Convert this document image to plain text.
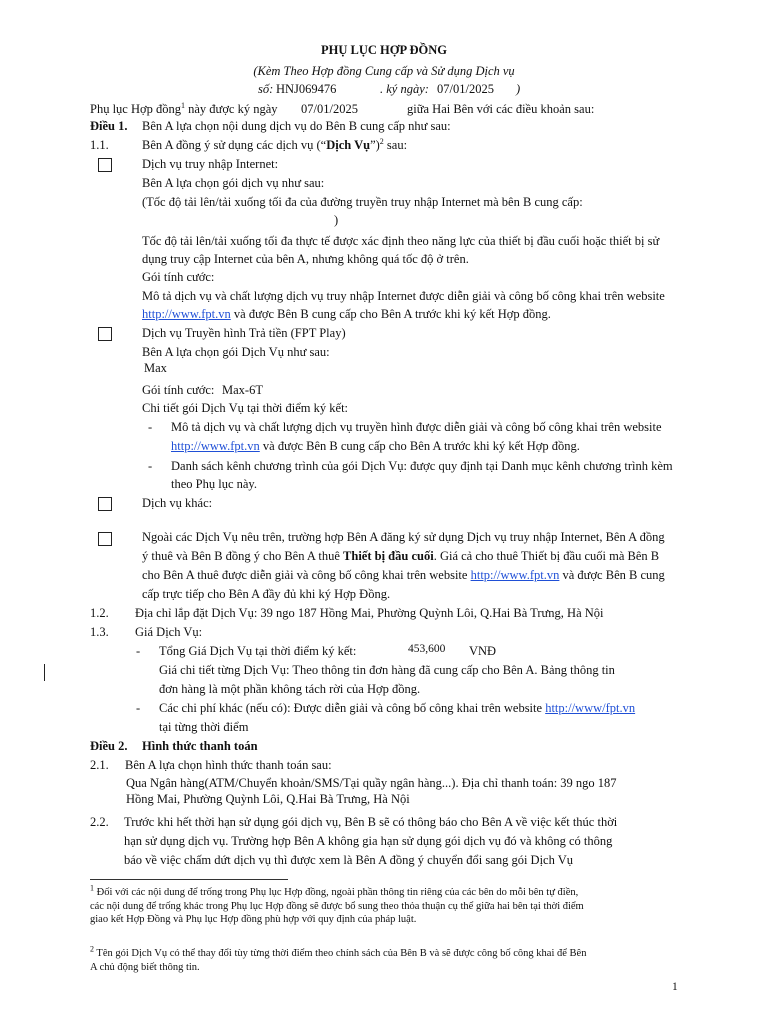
PHỤ LỤC HỢP ĐỒNG
(Kèm Theo Hợp đồng Cung cấp và Sử dụng Dịch vụ
số: HNJ069476	. ký ngày: 07/01/2025 )
Phụ lục Hợp đồng$^1$ này được ký ngày 07/01/2025	giữa Hai Bên với các điều khoản sau:
Điều 1. Bên A lựa chọn nội dung dịch vụ do Bên B cung cấp như sau:
1.1.	Bên A đồng ý sử dụng các dịch vụ (“Dịch Vụ”)$^2$ sau:
Dịch vụ truy nhập Internet:
Bên A lựa chọn gói dịch vụ như sau:
(Tốc độ tải lên/tải xuống tối đa của đường truyền truy nhập Internet mà bên B cung cấp:
)
Tốc độ tải lên/tải xuống tối đa thực tế được xác định theo năng lực của thiết bị đầu cuối hoặc thiết bị sử
dụng truy cập Internet của bên A, nhưng không quá tốc độ ở trên.
Gói tính cước:
Mô tả dịch vụ và chất lượng dịch vụ truy nhập Internet được diễn giải và công bố công khai trên website
http://www.fpt.vn và được Bên B cung cấp cho Bên A trước khi ký kết Hợp đồng.
Dịch vụ Truyền hình Trả tiền (FPT Play)
Bên A lựa chọn gói Dịch Vụ như sau:
Max
Gói tính cước: Max-6T
Chi tiết gói Dịch Vụ tại thời điểm ký kết:
- Mô tả dịch vụ và chất lượng dịch vụ truyền hình được diễn giải và công bố công khai trên website
http://www.fpt.vn và được Bên B cung cấp cho Bên A trước khi ký kết Hợp đồng.
- Danh sách kênh chương trình của gói Dịch Vụ: được quy định tại Danh mục kênh chương trình kèm
theo Phụ lục này.
Dịch vụ khác:
Ngoài các Dịch Vụ nêu trên, trường hợp Bên A đăng ký sử dụng Dịch vụ truy nhập Internet, Bên A đồng
ý thuê và Bên B đồng ý cho Bên A thuê Thiết bị đầu cuối. Giá cả cho thuê Thiết bị đầu cuối mà Bên B
cho Bên A thuê được diễn giải và công bố công khai trên website http://www.fpt.vn và được Bên B cung
cấp trực tiếp cho Bên A đầy đủ khi ký Hợp Đồng.
1.2. Địa chỉ lắp đặt Dịch Vụ: 39 ngo 187 Hồng Mai, Phường Quỳnh Lôi, Q.Hai Bà Trưng, Hà Nội
1.3. Giá Dịch Vụ:
- Tổng Giá Dịch Vụ tại thời điểm ký kết:	453,600 VNĐ
Giá chi tiết từng Dịch Vụ: Theo thông tin đơn hàng đã cung cấp cho Bên A. Bảng thông tin
đơn hàng là một phần không tách rời của Hợp đồng.
- Các chi phí khác (nếu có): Được diễn giải và công bố công khai trên website http://www/fpt.vn
tại từng thời điểm
Điều 2. Hình thức thanh toán
2.1. Bên A lựa chọn hình thức thanh toán sau:
Qua Ngân hàng(ATM/Chuyển khoản/SMS/Tại quầy ngân hàng...). Địa chỉ thanh toán: 39 ngo 187
Hồng Mai, Phường Quỳnh Lôi, Q.Hai Bà Trưng, Hà Nội
2.2. Trước khi hết thời hạn sử dụng gói dịch vụ, Bên B sẽ có thông báo cho Bên A về việc kết thúc thời
hạn sử dụng dịch vụ. Trường hợp Bên A không gia hạn sử dụng gói dịch vụ đó và không có thông
báo về việc chấm dứt dịch vụ thì được xem là Bên A đồng ý chuyển đổi sang gói Dịch Vụ
$^1$ Đối với các nội dung để trống trong Phụ lục Hợp đồng, ngoài phần thông tin riêng của các bên do mỗi bên tự điền,
các nội dung để trống khác trong Phụ lục Hợp đồng sẽ được bổ sung theo thỏa thuận cụ thể giữa hai bên tại thời điểm
giao kết Hợp Đồng và Phụ lục Hợp đồng phù hợp với quy định của pháp luật.
$^2$ Tên gói Dịch Vụ có thể thay đổi tùy từng thời điểm theo chính sách của Bên B và sẽ được công bố công khai để Bên
A chủ động biết thông tin.
1
